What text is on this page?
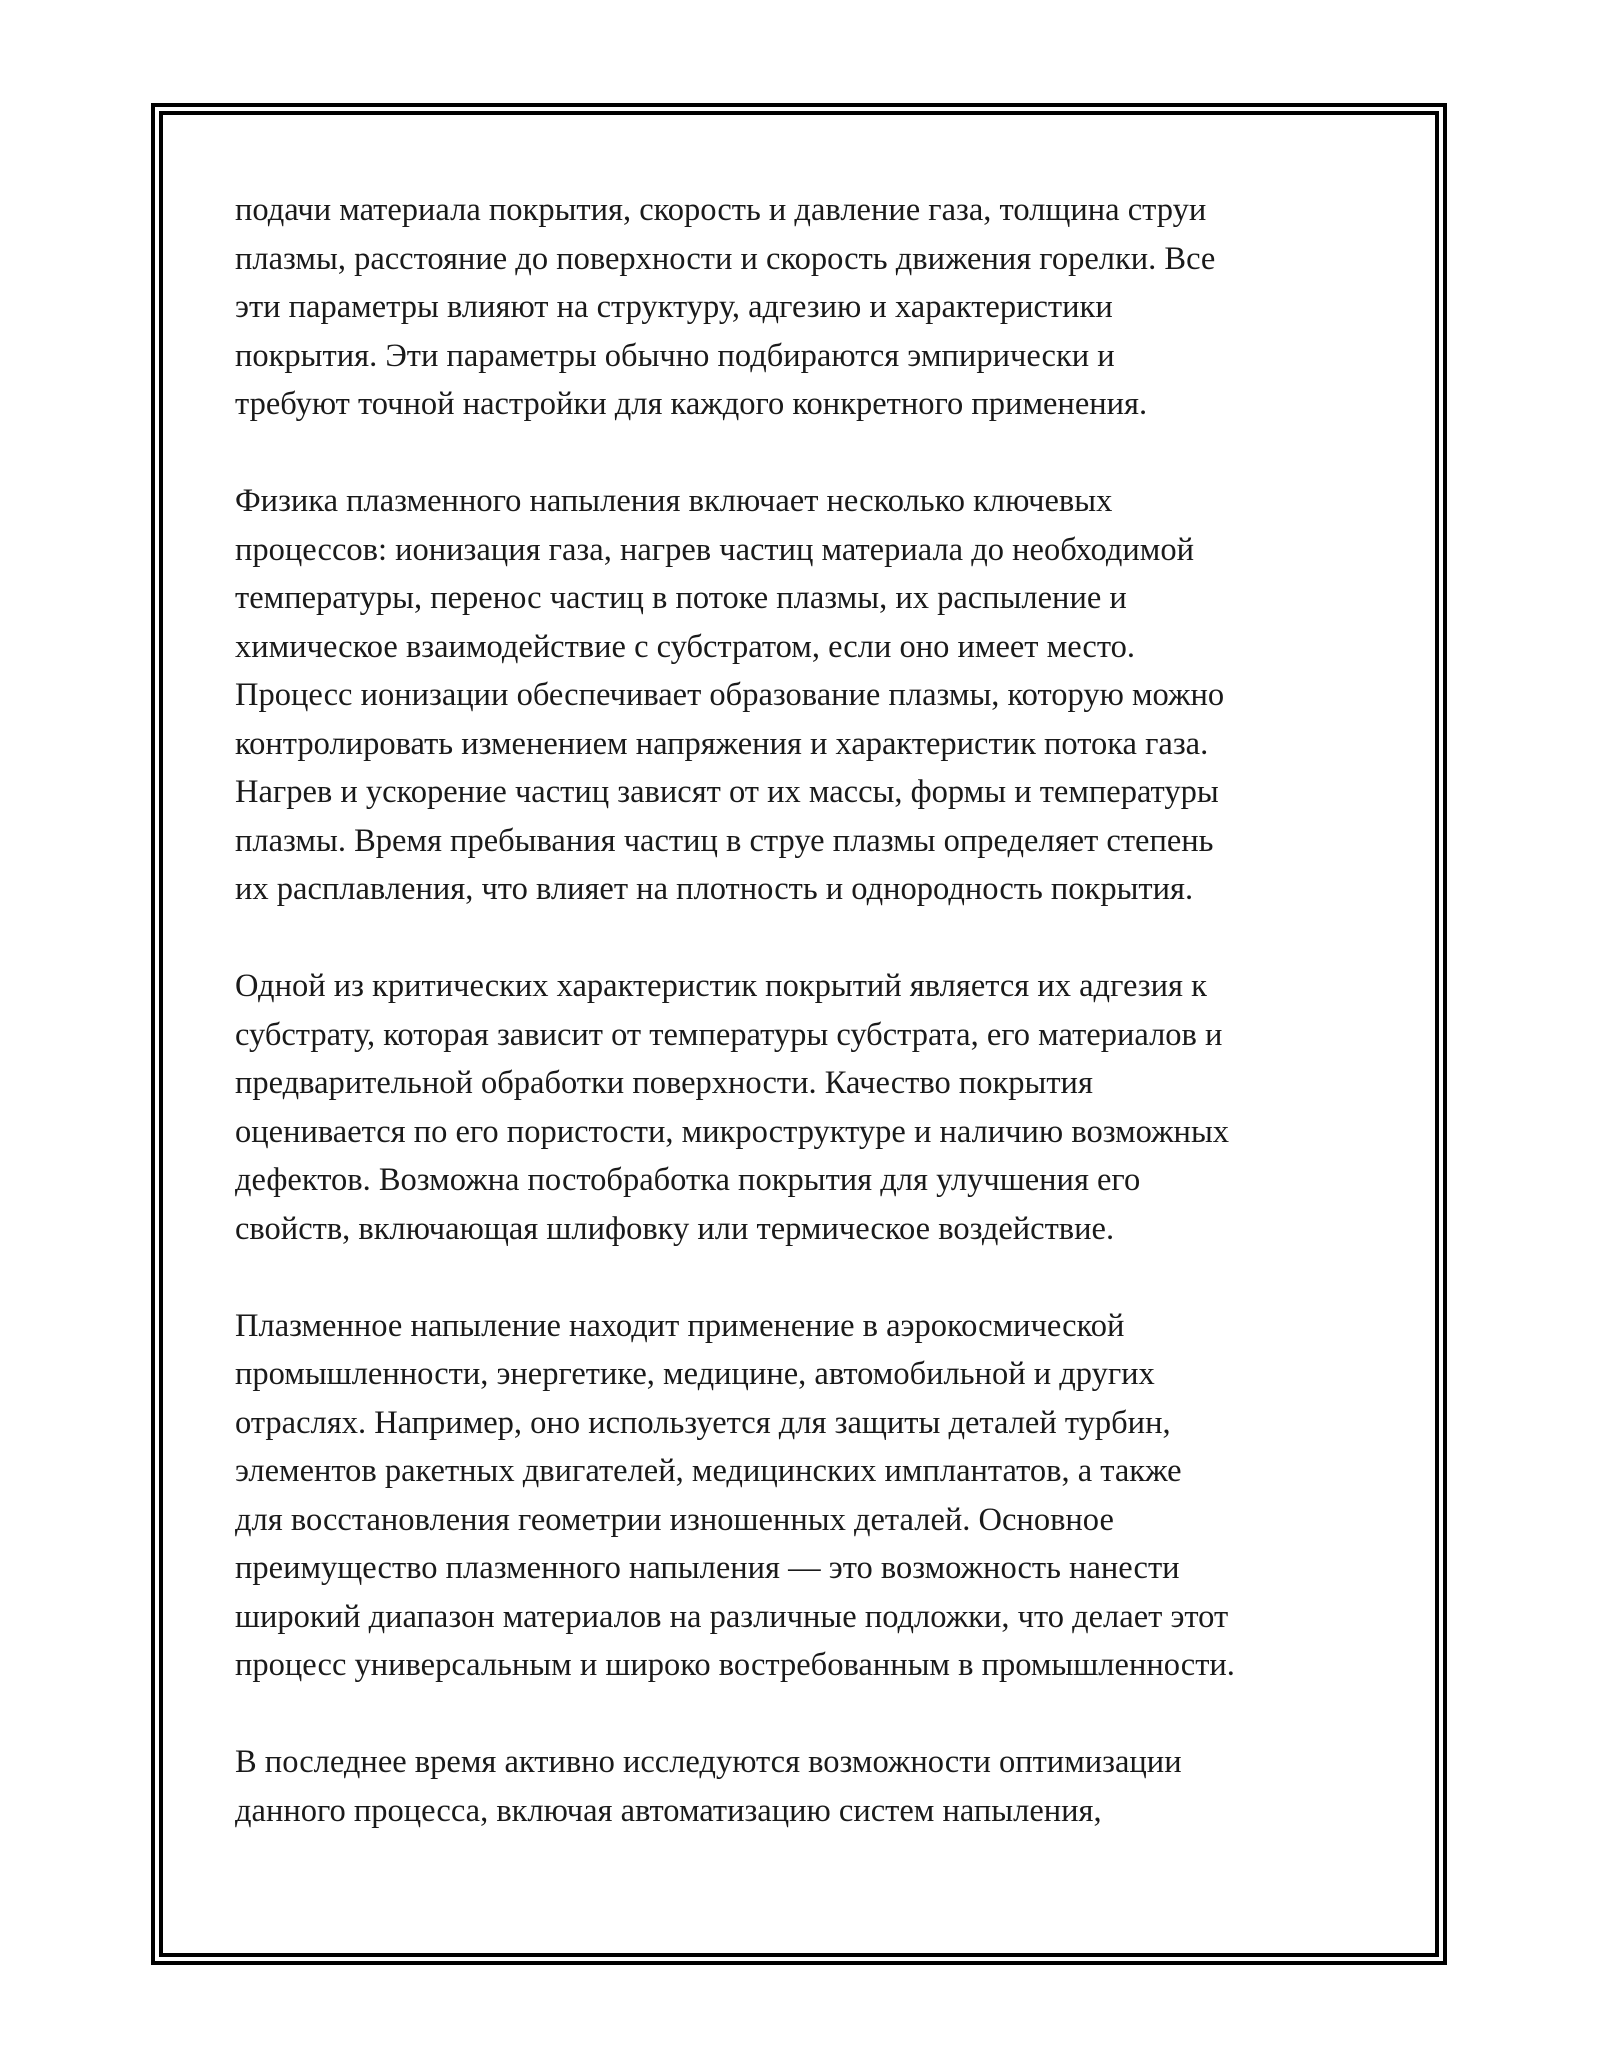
подачи материала покрытия, скорость и давление газа, толщина струи
плазмы, расстояние до поверхности и скорость движения горелки. Все
эти параметры влияют на структуру, адгезию и характеристики
покрытия. Эти параметры обычно подбираются эмпирически и
требуют точной настройки для каждого конкретного применения.

Физика плазменного напыления включает несколько ключевых
процессов: ионизация газа, нагрев частиц материала до необходимой
температуры, перенос частиц в потоке плазмы, их распыление и
химическое взаимодействие с субстратом, если оно имеет место.
Процесс ионизации обеспечивает образование плазмы, которую можно
контролировать изменением напряжения и характеристик потока газа.
Нагрев и ускорение частиц зависят от их массы, формы и температуры
плазмы. Время пребывания частиц в струе плазмы определяет степень
их расплавления, что влияет на плотность и однородность покрытия.

Одной из критических характеристик покрытий является их адгезия к
субстрату, которая зависит от температуры субстрата, его материалов и
предварительной обработки поверхности. Качество покрытия
оценивается по его пористости, микроструктуре и наличию возможных
дефектов. Возможна постобработка покрытия для улучшения его
свойств, включающая шлифовку или термическое воздействие.

Плазменное напыление находит применение в аэрокосмической
промышленности, энергетике, медицине, автомобильной и других
отраслях. Например, оно используется для защиты деталей турбин,
элементов ракетных двигателей, медицинских имплантатов, а также
для восстановления геометрии изношенных деталей. Основное
преимущество плазменного напыления — это возможность нанести
широкий диапазон материалов на различные подложки, что делает этот
процесс универсальным и широко востребованным в промышленности.

В последнее время активно исследуются возможности оптимизации
данного процесса, включая автоматизацию систем напыления,
